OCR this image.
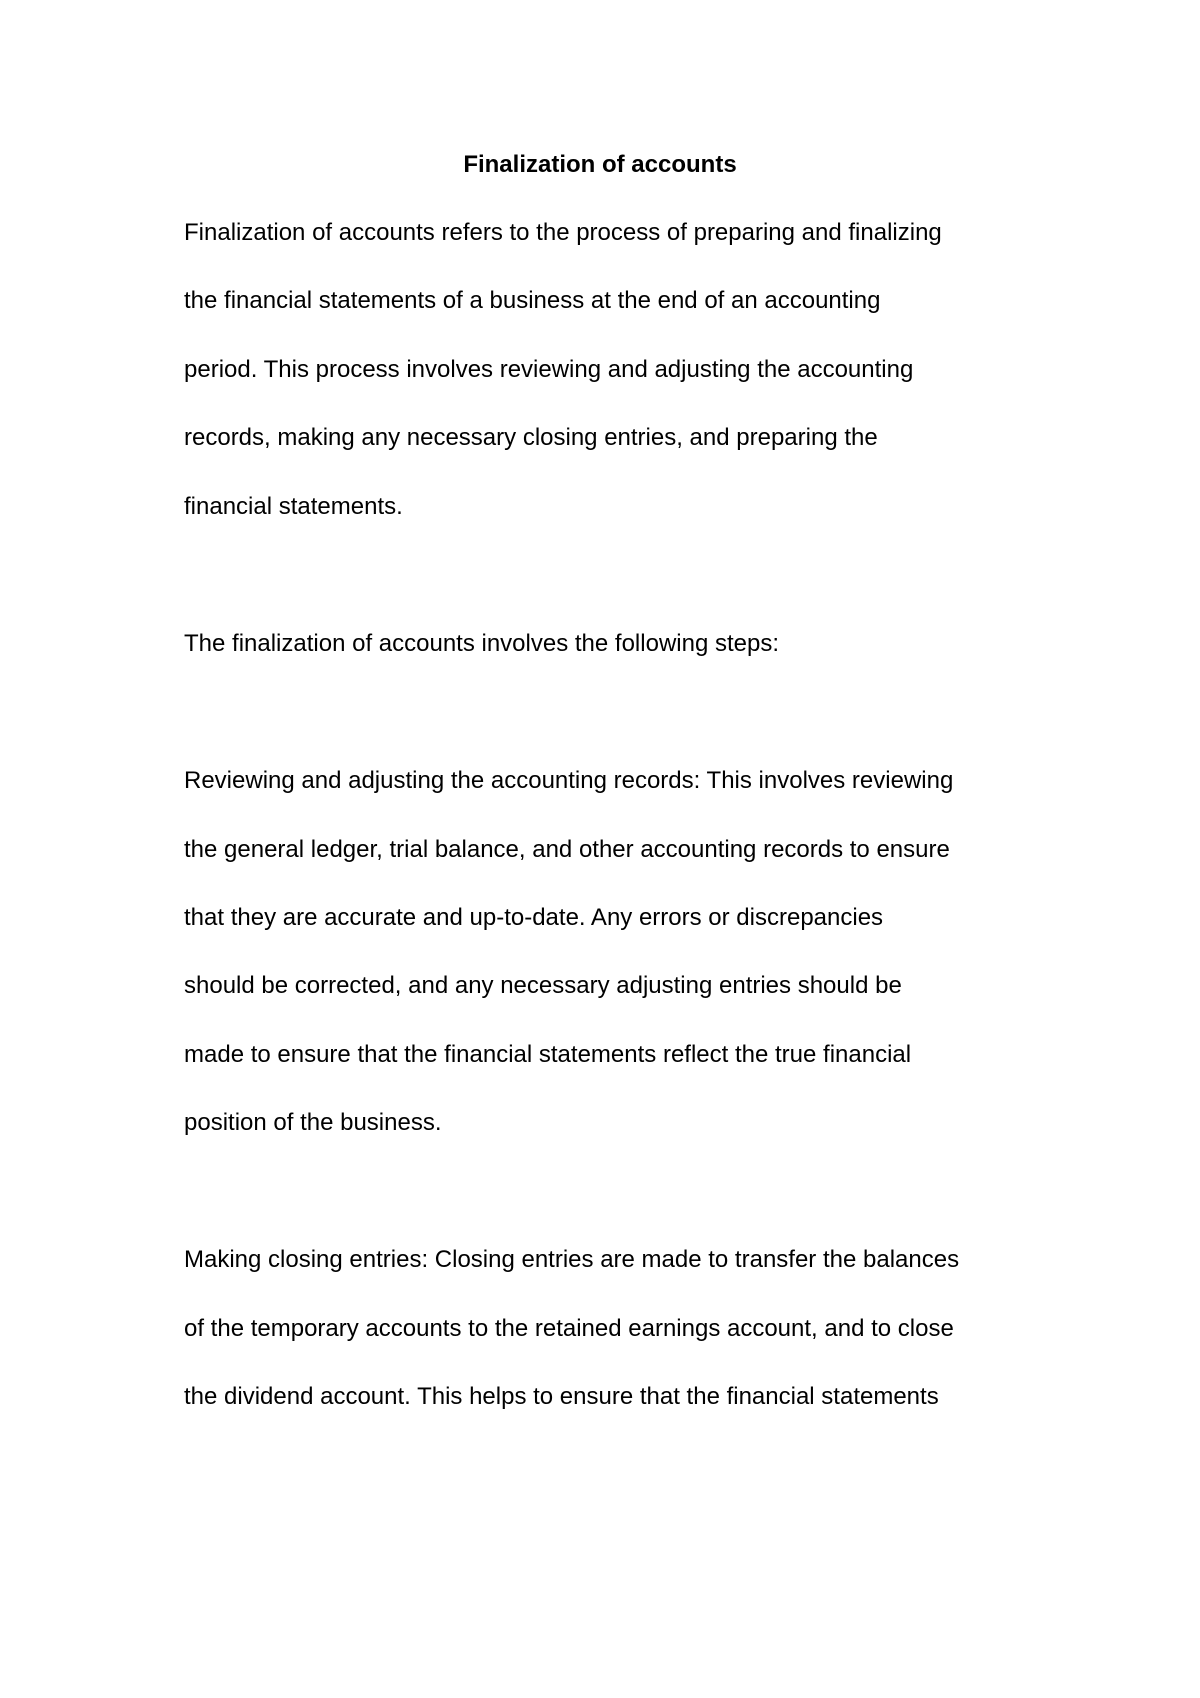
Finalization of accounts

Finalization of accounts refers to the process of preparing and finalizing

the financial statements of a business at the end of an accounting

period. This process involves reviewing and adjusting the accounting

records, making any necessary closing entries, and preparing the

financial statements.

The finalization of accounts involves the following steps:

Reviewing and adjusting the accounting records: This involves reviewing

the general ledger, trial balance, and other accounting records to ensure

that they are accurate and up-to-date. Any errors or discrepancies

should be corrected, and any necessary adjusting entries should be

made to ensure that the financial statements reflect the true financial

position of the business.

Making closing entries: Closing entries are made to transfer the balances

of the temporary accounts to the retained earnings account, and to close

the dividend account. This helps to ensure that the financial statements
